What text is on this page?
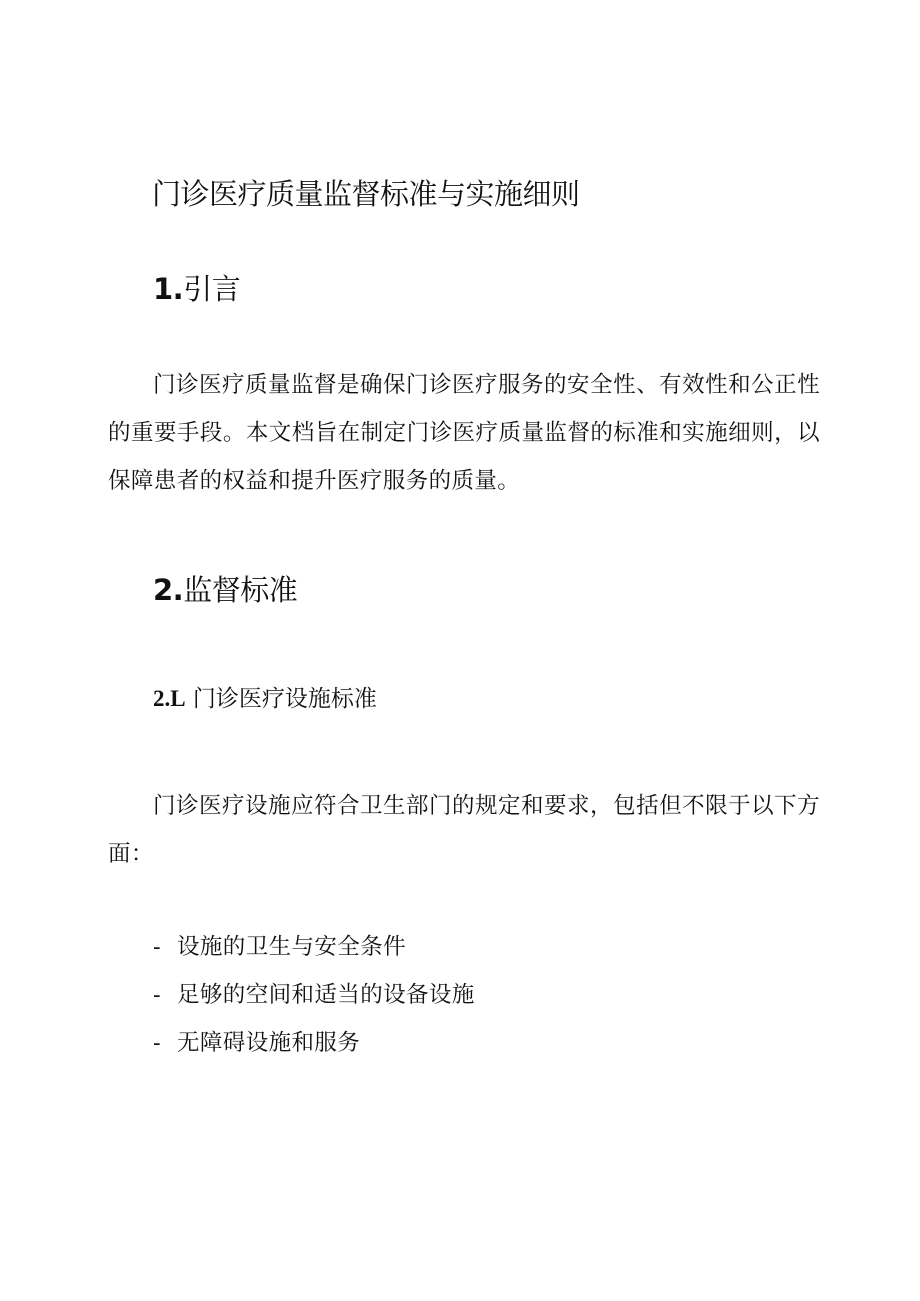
门诊医疗质量监督标准与实施细则
1.引言

门诊医疗质量监督是确保门诊医疗服务的安全性、有效性和公正性的重要手段。本文档旨在制定门诊医疗质量监督的标准和实施细则，以保障患者的权益和提升医疗服务的质量。

2.监督标准
2.L 门诊医疗设施标准

门诊医疗设施应符合卫生部门的规定和要求，包括但不限于以下方面：

- 设施的卫生与安全条件
- 足够的空间和适当的设备设施
- 无障碍设施和服务
